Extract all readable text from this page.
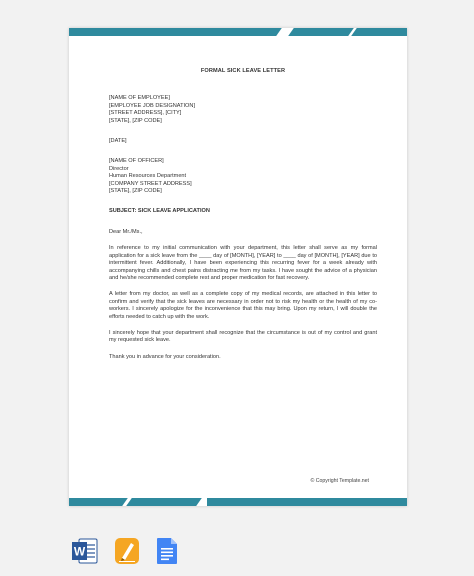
FORMAL SICK LEAVE LETTER
[NAME OF EMPLOYEE]
[EMPLOYEE JOB DESIGNATION]
[STREET ADDRESS], [CITY]
[STATE], [ZIP CODE]
[DATE]
[NAME OF OFFICER]
Director
Human Resources Department
[COMPANY STREET ADDRESS]
[STATE], [ZIP CODE]
SUBJECT: SICK LEAVE APPLICATION
Dear Mr./Ms.,
In reference to my initial communication with your department, this letter shall serve as my formal application for a sick leave from the ____ day of [MONTH], [YEAR] to ____ day of [MONTH], [YEAR] due to intermittent fever. Additionally, I have been experiencing this recurring fever for a week already with accompanying chills and chest pains distracting me from my tasks. I have sought the advice of a physician and he/she recommended complete rest and proper medication for fast recovery.
A letter from my doctor, as well as a complete copy of my medical records, are attached in this letter to confirm and verify that the sick leaves are necessary in order not to risk my health or the health of my co-workers. I sincerely apologize for the inconvenience that this may bring. Upon my return, I will double the efforts needed to catch up with the work.
I sincerely hope that your department shall recognize that the circumstance is out of my control and grant my requested sick leave.
Thank you in advance for your consideration.
© Copyright Template.net
W
